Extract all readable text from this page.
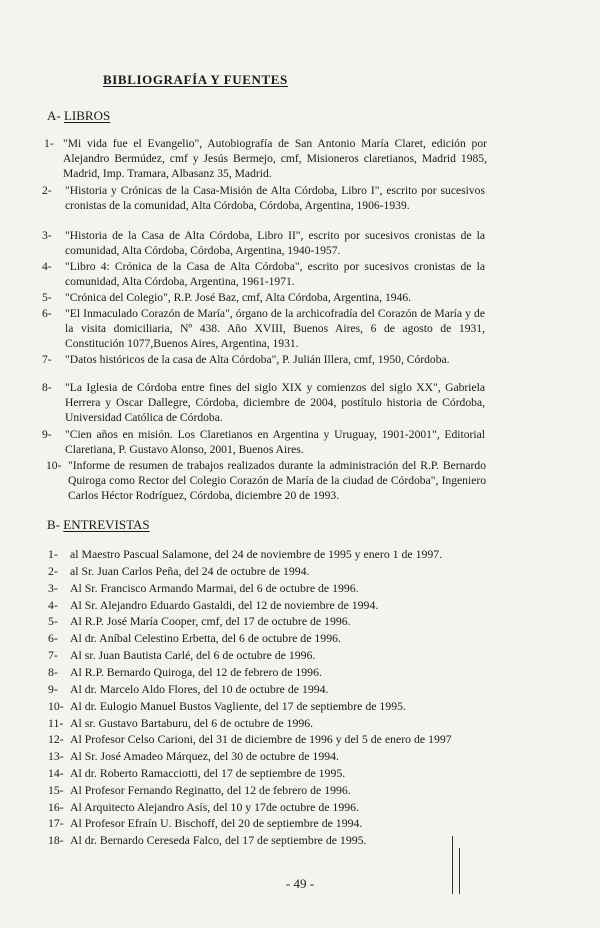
BIBLIOGRAFÍA Y FUENTES
A- LIBROS
1- "Mi vida fue el Evangelio", Autobiografía de San Antonio María Claret, edición por Alejandro Bermúdez, cmf y Jesús Bermejo, cmf, Misioneros claretianos, Madrid 1985, Madrid, Imp. Tramara, Albasanz 35, Madrid.
2- "Historia y Crónicas de la Casa-Misión de Alta Córdoba, Libro I", escrito por sucesivos cronistas de la comunidad, Alta Córdoba, Córdoba, Argentina, 1906-1939.
3- "Historia de la Casa de Alta Córdoba, Libro II", escrito por sucesivos cronistas de la comunidad, Alta Córdoba, Córdoba, Argentina, 1940-1957.
4- "Libro 4: Crónica de la Casa de Alta Córdoba", escrito por sucesivos cronistas de la comunidad, Alta Córdoba, Argentina, 1961-1971.
5- "Crónica del Colegio", R.P. José Baz, cmf, Alta Córdoba, Argentina, 1946.
6- "El Inmaculado Corazón de María", órgano de la archicofradía del Corazón de María y de la visita domiciliaria, Nº 438. Año XVIII, Buenos Aires, 6 de agosto de 1931, Constitución 1077,Buenos Aires, Argentina, 1931.
7- "Datos históricos de la casa de Alta Córdoba", P. Julián Illera, cmf, 1950, Córdoba.
8- "La Iglesia de Córdoba entre fines del siglo XIX y comienzos del siglo XX", Gabriela Herrera y Oscar Dallegre, Córdoba, diciembre de 2004, postítulo historia de Córdoba, Universidad Católica de Córdoba.
9- "Cien años en misión. Los Claretianos en Argentina y Uruguay, 1901-2001", Editorial Claretiana, P. Gustavo Alonso, 2001, Buenos Aires.
10- "Informe de resumen de trabajos realizados durante la administración del R.P. Bernardo Quiroga como Rector del Colegio Corazón de María de la ciudad de Córdoba", Ingeniero Carlos Héctor Rodríguez, Córdoba, diciembre 20 de 1993.
B- ENTREVISTAS
1- al Maestro Pascual Salamone, del 24 de noviembre de 1995 y enero 1 de 1997.
2- al Sr. Juan Carlos Peña, del 24 de octubre de 1994.
3- Al Sr. Francisco Armando Marmai, del 6 de octubre de 1996.
4- Al Sr. Alejandro Eduardo Gastaldi, del 12 de noviembre de 1994.
5- Al R.P. José María Cooper, cmf, del 17 de octubre de 1996.
6- Al dr. Aníbal Celestino Erbetta, del 6 de octubre de 1996.
7- Al sr. Juan Bautista Carlé, del 6 de octubre de 1996.
8- Al R.P. Bernardo Quiroga, del 12 de febrero de 1996.
9- Al dr. Marcelo Aldo Flores, del 10 de octubre de 1994.
10- Al dr. Eulogio Manuel Bustos Vagliente, del 17 de septiembre de 1995.
11- Al sr. Gustavo Bartaburu, del 6 de octubre de 1996.
12- Al Profesor Celso Carioni, del 31 de diciembre de 1996 y del 5 de enero de 1997
13- Al Sr. José Amadeo Márquez, del 30 de octubre de 1994.
14- Al dr. Roberto Ramacciotti, del 17 de septiembre de 1995.
15- Al Profesor Fernando Reginatto, del 12 de febrero de 1996.
16- Al Arquitecto Alejandro Asís, del 10 y 17de octubre de 1996.
17- Al Profesor Efraín U. Bischoff, del 20 de septiembre de 1994.
18- Al dr. Bernardo Cereseda Falco, del 17 de septiembre de 1995.
- 49 -
